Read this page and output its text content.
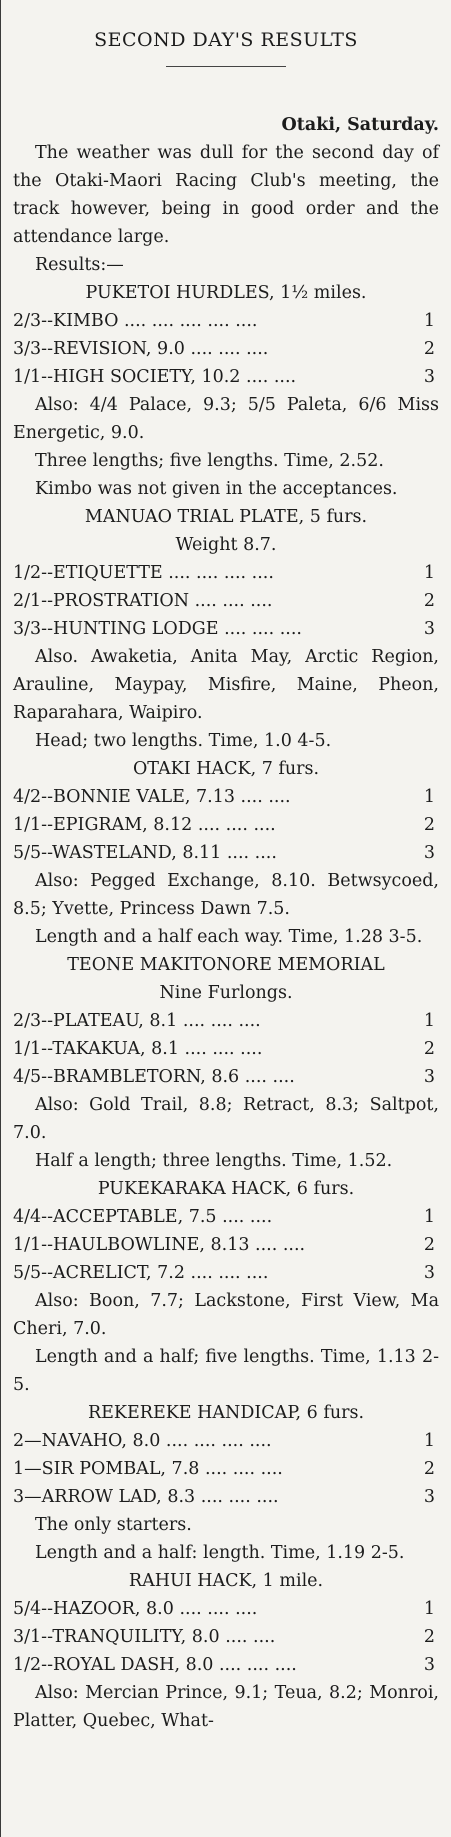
SECOND DAY'S RESULTS
Otaki, Saturday.

The weather was dull for the second day of the Otaki-Maori Racing Club's meeting, the track however, being in good order and the attendance large.

Results:—

PUKETOI HURDLES, 1½ miles.

2/3--KIMBO .... .... .... .... ....	1

3/3--REVISION, 9.0 .... .... ....	2

1/1--HIGH SOCIETY, 10.2 .... ....	3

Also: 4/4 Palace, 9.3; 5/5 Paleta, 6/6 Miss Energetic, 9.0.

Three lengths; five lengths. Time, 2.52.

Kimbo was not given in the acceptances.

MANUAO TRIAL PLATE, 5 furs.

Weight 8.7.

1/2--ETIQUETTE .... .... .... ....	1

2/1--PROSTRATION .... .... ....	2

3/3--HUNTING LODGE .... .... ....	3

Also. Awaketia, Anita May, Arctic Region, Arauline, Maypay, Misfire, Maine, Pheon, Raparahara, Waipiro.

Head; two lengths. Time, 1.0 4-5.

OTAKI HACK, 7 furs.

4/2--BONNIE VALE, 7.13 .... ....	1

1/1--EPIGRAM, 8.12 .... .... ....	2

5/5--WASTELAND, 8.11 .... ....	3

Also: Pegged Exchange, 8.10. Betwsycoed, 8.5; Yvette, Princess Dawn 7.5.

Length and a half each way. Time, 1.28 3-5.

TEONE MAKITONORE MEMORIAL

Nine Furlongs.

2/3--PLATEAU, 8.1 .... .... ....	1

1/1--TAKAKUA, 8.1 .... .... ....	2

4/5--BRAMBLETORN, 8.6 .... ....	3

Also: Gold Trail, 8.8; Retract, 8.3; Saltpot, 7.0.

Half a length; three lengths. Time, 1.52.

PUKEKARAKA HACK, 6 furs.

4/4--ACCEPTABLE, 7.5 .... ....	1

1/1--HAULBOWLINE, 8.13 .... ....	2

5/5--ACRELICT, 7.2 .... .... ....	3

Also: Boon, 7.7; Lackstone, First View, Ma Cheri, 7.0.

Length and a half; five lengths. Time, 1.13 2-5.

REKEREKE HANDICAP, 6 furs.

2—NAVAHO, 8.0 .... .... .... ....	1

1—SIR POMBAL, 7.8 .... .... ....	2

3—ARROW LAD, 8.3 .... .... ....	3

The only starters.

Length and a half: length. Time, 1.19 2-5.

RAHUI HACK, 1 mile.

5/4--HAZOOR, 8.0 .... .... ....	1

3/1--TRANQUILITY, 8.0 .... ....	2

1/2--ROYAL DASH, 8.0 .... .... ....	3

Also: Mercian Prince, 9.1; Teua, 8.2; Monroi, Platter, Quebec, What-
